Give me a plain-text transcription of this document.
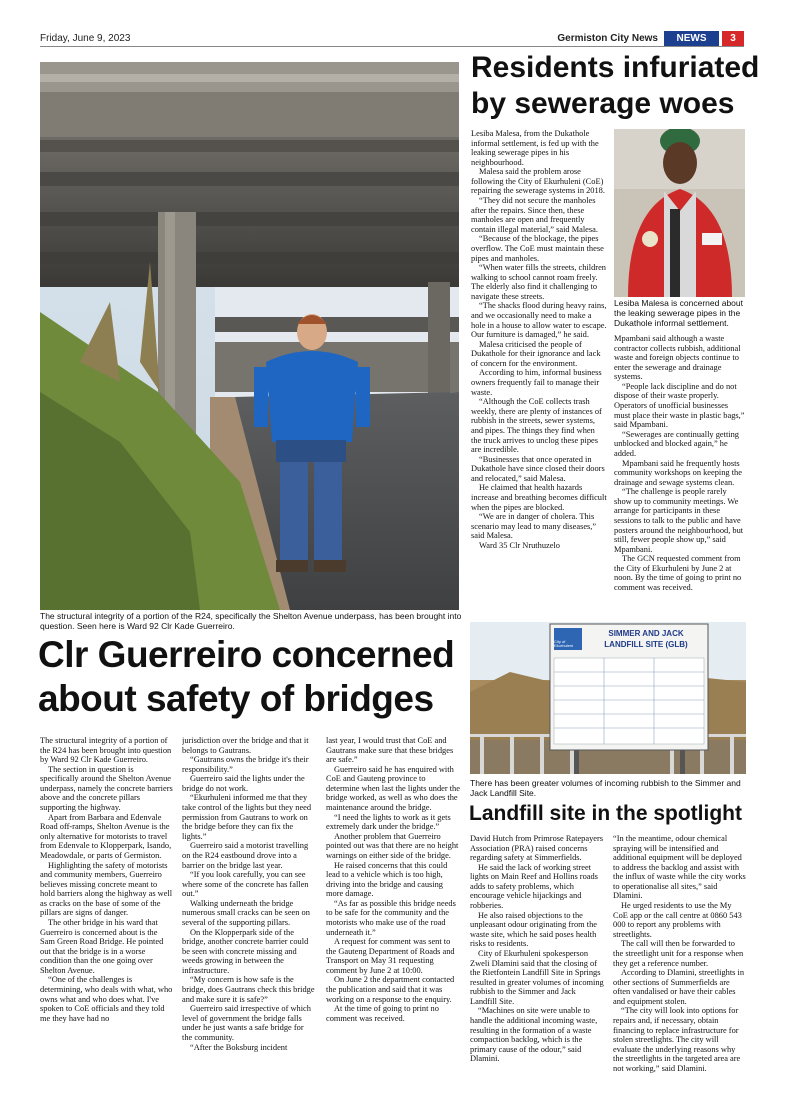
Friday, June 9, 2023	Germiston City News	NEWS	3
The structural integrity of a portion of the R24, specifically the Shelton Avenue underpass, has been brought into question. Seen here is Ward 92 Clr Kade Guerreiro.
Residents infuriated
by sewerage woes

Lesiba Malesa, from the Dukathole informal settlement, is fed up with the leaking sewerage pipes in his neighbourhood.

Malesa said the problem arose following the City of Ekurhuleni (CoE) repairing the sewerage systems in 2018.

“They did not secure the manholes after the repairs. Since then, these manholes are open and frequently contain illegal material,” said Malesa.

“Because of the blockage, the pipes overflow. The CoE must maintain these pipes and manholes.

“When water fills the streets, children walking to school cannot roam freely. The elderly also find it challenging to navigate these streets.

“The shacks flood during heavy rains, and we occasionally need to make a hole in a house to allow water to escape. Our furniture is damaged,” he said.

Malesa criticised the people of Dukathole for their ignorance and lack of concern for the environment.

According to him, informal business owners frequently fail to manage their waste.

“Although the CoE collects trash weekly, there are plenty of instances of rubbish in the streets, sewer systems, and pipes. The things they find when the truck arrives to unclog these pipes are incredible.

“Businesses that once operated in Dukathole have since closed their doors and relocated,” said Malesa.

He claimed that health hazards increase and breathing becomes difficult when the pipes are blocked.

“We are in danger of cholera. This scenario may lead to many diseases,” said Malesa.

Ward 35 Clr Nruthuzelo

Lesiba Malesa is concerned about the leaking sewerage pipes in the Dukathole informal settlement.

Mpambani said although a waste contractor collects rubbish, additional waste and foreign objects continue to enter the sewerage and drainage systems.

“People lack discipline and do not dispose of their waste properly. Operators of unofficial businesses must place their waste in plastic bags,” said Mpambani.

“Sewerages are continually getting unblocked and blocked again,” he added.

Mpambani said he frequently hosts community workshops on keeping the drainage and sewage systems clean.

“The challenge is people rarely show up to community meetings. We arrange for participants in these sessions to talk to the public and have posters around the neighbourhood, but still, fewer people show up,” said Mpambani.

The GCN requested comment from the City of Ekurhuleni by June 2 at noon. By the time of going to print no comment was received.

Clr Guerreiro concerned
about safety of bridges

The structural integrity of a portion of the R24 has been brought into question by Ward 92 Clr Kade Guerreiro.

The section in question is specifically around the Shelton Avenue underpass, namely the concrete barriers above and the concrete pillars supporting the highway.

Apart from Barbara and Edenvale Road off-ramps, Shelton Avenue is the only alternative for motorists to travel from Edenvale to Klopperpark, Isando, Meadowdale, or parts of Germiston.

Highlighting the safety of motorists and community members, Guerreiro believes missing concrete meant to hold barriers along the highway as well as cracks on the base of some of the pillars are signs of danger.

The other bridge in his ward that Guerreiro is concerned about is the Sam Green Road Bridge. He pointed out that the bridge is in a worse condition than the one going over Shelton Avenue.

“One of the challenges is determining, who deals with what, who owns what and who does what. I've spoken to CoE officials and they told me they have had no

jurisdiction over the bridge and that it belongs to Gautrans.

“Gautrans owns the bridge it's their responsibility.”

Guerreiro said the lights under the bridge do not work.

“Ekurhuleni informed me that they take control of the lights but they need permission from Gautrans to work on the bridge before they can fix the lights.”

Guerreiro said a motorist travelling on the R24 eastbound drove into a barrier on the bridge last year.

“If you look carefully, you can see where some of the concrete has fallen out.”

Walking underneath the bridge numerous small cracks can be seen on several of the supporting pillars.

On the Klopperpark side of the bridge, another concrete barrier could be seen with concrete missing and weeds growing in between the infrastructure.

“My concern is how safe is the bridge, does Gautrans check this bridge and make sure it is safe?”

Guerreiro said irrespective of which level of government the bridge falls under he just wants a safe bridge for the community.

“After the Boksburg incident

last year, I would trust that CoE and Gautrans make sure that these bridges are safe.”

Guerreiro said he has enquired with CoE and Gauteng province to determine when last the lights under the bridge worked, as well as who does the maintenance around the bridge.

“I need the lights to work as it gets extremely dark under the bridge.”

Another problem that Guerreiro pointed out was that there are no height warnings on either side of the bridge.

He raised concerns that this could lead to a vehicle which is too high, driving into the bridge and causing more damage.

“As far as possible this bridge needs to be safe for the community and the motorists who make use of the road underneath it.”

A request for comment was sent to the Gauteng Department of Roads and Transport on May 31 requesting comment by June 2 at 10:00.

On June 2 the department contacted the publication and said that it was working on a response to the enquiry.

At the time of going to print no comment was received.

City of Ekurhuleni
SIMMER AND JACK
LANDFILL SITE (GLB)
There has been greater volumes of incoming rubbish to the Simmer and Jack Landfill Site.
Landfill site in the spotlight

David Hutch from Primrose Ratepayers Association (PRA) raised concerns regarding safety at Simmerfields.

He said the lack of working street lights on Main Reef and Hollins roads adds to safety problems, which encourage vehicle hijackings and robberies.

He also raised objections to the unpleasant odour originating from the waste site, which he said poses health risks to residents.

City of Ekurhuleni spokesperson Zweli Dlamini said that the closing of the Rietfontein Landfill Site in Springs resulted in greater volumes of incoming rubbish to the Simmer and Jack Landfill Site.

“Machines on site were unable to handle the additional incoming waste, resulting in the formation of a waste compaction backlog, which is the primary cause of the odour,” said Dlamini.

“In the meantime, odour chemical spraying will be intensified and additional equipment will be deployed to address the backlog and assist with the influx of waste while the city works to operationalise all sites,” said Dlamini.

He urged residents to use the My CoE app or the call centre at 0860 543 000 to report any problems with streetlights.

The call will then be forwarded to the streetlight unit for a response when they get a reference number.

According to Dlamini, streetlights in other sections of Summerfields are often vandalised or have their cables and equipment stolen.

“The city will look into options for repairs and, if necessary, obtain financing to replace infrastructure for stolen streetlights. The city will evaluate the underlying reasons why the streetlights in the targeted area are not working,” said Dlamini.
